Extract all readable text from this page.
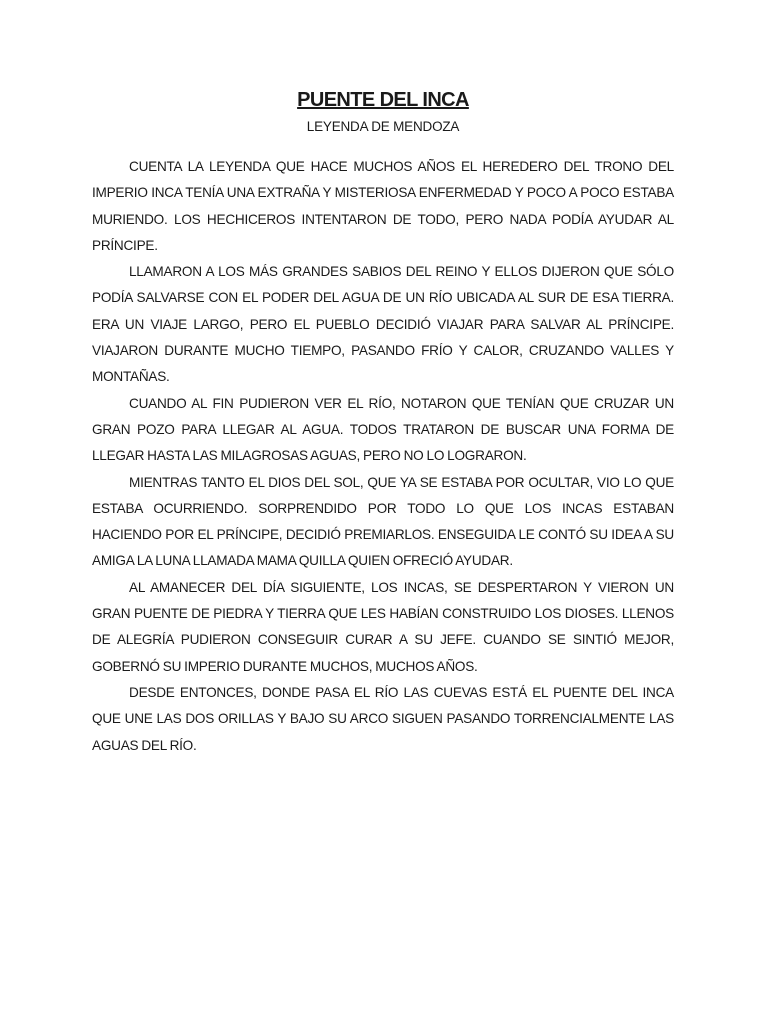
PUENTE DEL INCA

LEYENDA DE MENDOZA

CUENTA LA LEYENDA QUE HACE MUCHOS AÑOS EL HEREDERO DEL TRONO DEL IMPERIO INCA TENÍA UNA EXTRAÑA Y MISTERIOSA ENFERMEDAD Y POCO A POCO ESTABA MURIENDO. LOS HECHICEROS INTENTARON DE TODO, PERO NADA PODÍA AYUDAR AL PRÍNCIPE.

LLAMARON A LOS MÁS GRANDES SABIOS DEL REINO Y ELLOS DIJERON QUE SÓLO PODÍA SALVARSE CON EL PODER DEL AGUA DE UN RÍO UBICADA AL SUR DE ESA TIERRA. ERA UN VIAJE LARGO, PERO EL PUEBLO DECIDIÓ VIAJAR PARA SALVAR AL PRÍNCIPE. VIAJARON DURANTE MUCHO TIEMPO, PASANDO FRÍO Y CALOR, CRUZANDO VALLES Y MONTAÑAS.

CUANDO AL FIN PUDIERON VER EL RÍO, NOTARON QUE TENÍAN QUE CRUZAR UN GRAN POZO PARA LLEGAR AL AGUA. TODOS TRATARON DE BUSCAR UNA FORMA DE LLEGAR HASTA LAS MILAGROSAS AGUAS, PERO NO LO LOGRARON.

MIENTRAS TANTO EL DIOS DEL SOL, QUE YA SE ESTABA POR OCULTAR, VIO LO QUE ESTABA OCURRIENDO. SORPRENDIDO POR TODO LO QUE LOS INCAS ESTABAN HACIENDO POR EL PRÍNCIPE, DECIDIÓ PREMIARLOS. ENSEGUIDA LE CONTÓ SU IDEA A SU AMIGA LA LUNA LLAMADA MAMA QUILLA QUIEN OFRECIÓ AYUDAR.

AL AMANECER DEL DÍA SIGUIENTE, LOS INCAS, SE DESPERTARON Y VIERON UN GRAN PUENTE DE PIEDRA Y TIERRA QUE LES HABÍAN CONSTRUIDO LOS DIOSES. LLENOS DE ALEGRÍA PUDIERON CONSEGUIR CURAR A SU JEFE. CUANDO SE SINTIÓ MEJOR, GOBERNÓ SU IMPERIO DURANTE MUCHOS, MUCHOS AÑOS.

DESDE ENTONCES, DONDE PASA EL RÍO LAS CUEVAS ESTÁ EL PUENTE DEL INCA QUE UNE LAS DOS ORILLAS Y BAJO SU ARCO SIGUEN PASANDO TORRENCIALMENTE LAS AGUAS DEL RÍO.
